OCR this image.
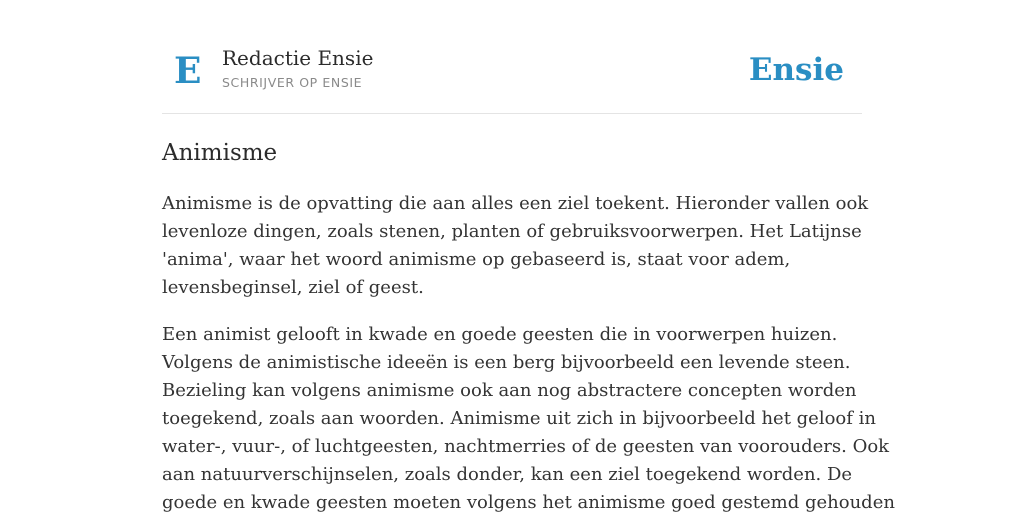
E Redactie Ensie
SCHRIJVER OP ENSIE	Ensie
Animisme

Animisme is de opvatting die aan alles een ziel toekent. Hieronder vallen ook
levenloze dingen, zoals stenen, planten of gebruiksvoorwerpen. Het Latijnse
'anima', waar het woord animisme op gebaseerd is, staat voor adem,
levensbeginsel, ziel of geest.

Een animist gelooft in kwade en goede geesten die in voorwerpen huizen.
Volgens de animistische ideeën is een berg bijvoorbeeld een levende steen.
Bezieling kan volgens animisme ook aan nog abstractere concepten worden
toegekend, zoals aan woorden. Animisme uit zich in bijvoorbeeld het geloof in
water-, vuur-, of luchtgeesten, nachtmerries of de geesten van voorouders. Ook
aan natuurverschijnselen, zoals donder, kan een ziel toegekend worden. De
goede en kwade geesten moeten volgens het animisme goed gestemd gehouden
